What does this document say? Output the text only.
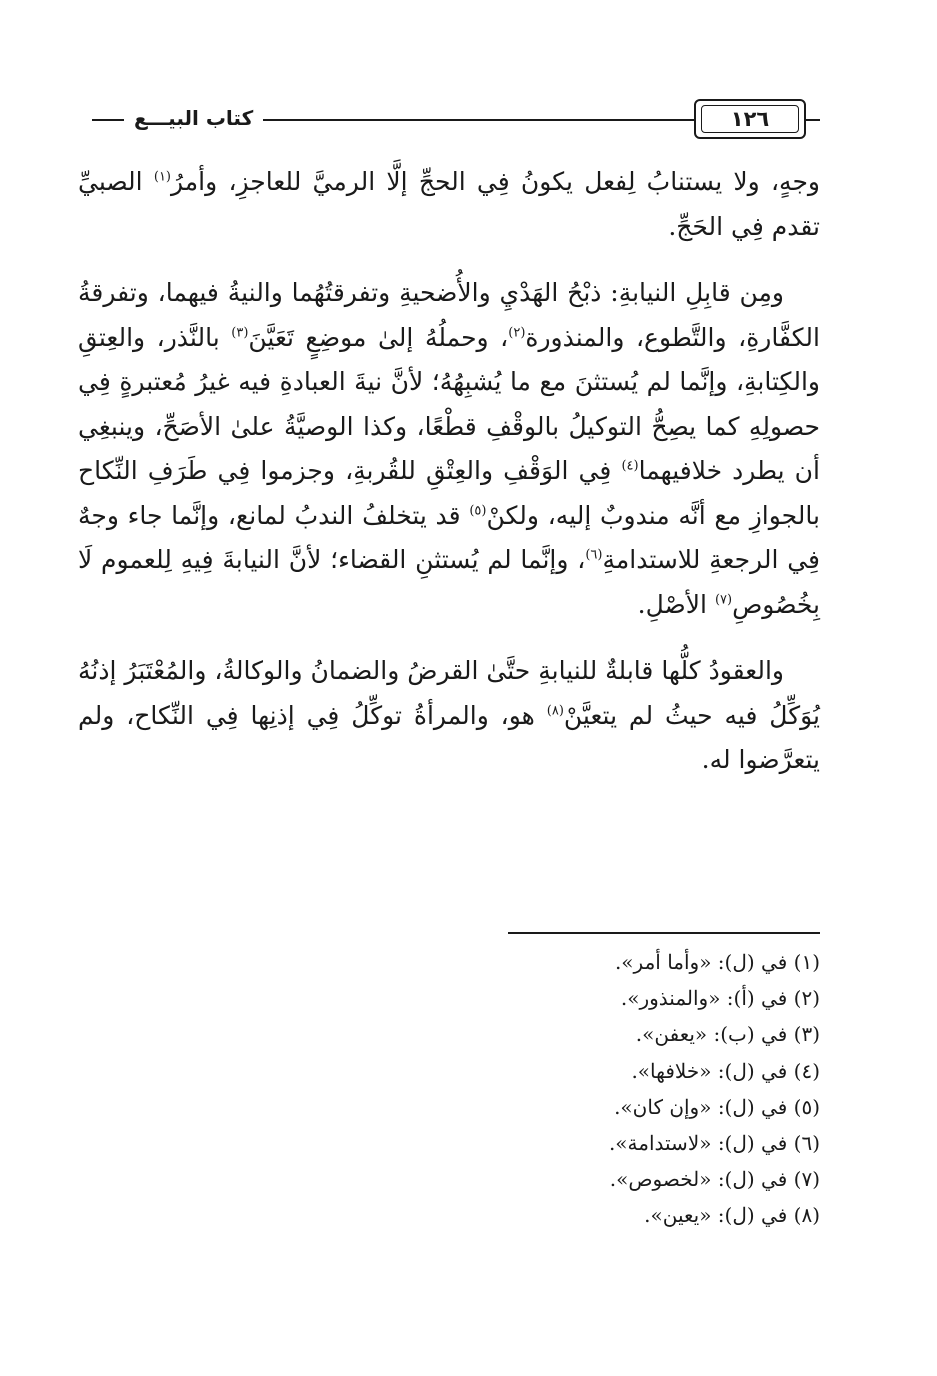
١٢٦
كتاب البيـــع

وجهٍ، ولا يستنابُ لِفعل يكونُ فِي الحجِّ إلَّا الرميَّ للعاجزِ، وأمرُ$^{(١)}$ الصبيِّ تقدم فِي الحَجِّ.

ومِن قابِلِ النيابةِ: ذبْحُ الهَدْيِ والأُضحيةِ وتفرقتُهُما والنيةُ فيهما، وتفرقةُ الكفَّارةِ، والتَّطوع، والمنذورة$^{(٢)}$، وحملُهُ إلىٰ موضِعٍ تَعَيَّنَ$^{(٣)}$ بالنَّذر، والعِتقِ والكِتابةِ، وإنَّما لم يُستثنَ مع ما يُشبِهُهُ؛ لأنَّ نيةَ العبادةِ فيه غيرُ مُعتبرةٍ فِي حصولِهِ كما يصِحُّ التوكيلُ بالوقْفِ قطْعًا، وكذا الوصيَّةُ علىٰ الأصَحِّ، وينبغِي أن يطرد خلافيهما$^{(٤)}$ فِي الوَقْفِ والعِتْقِ للقُربةِ، وجزموا فِي طَرَفِ النِّكاح بالجوازِ مع أنَّه مندوبٌ إليه، ولكنْ$^{(٥)}$ قد يتخلفُ الندبُ لمانع، وإنَّما جاء وجهٌ فِي الرجعةِ للاستدامةِ$^{(٦)}$، وإنَّما لم يُستثنِ القضاء؛ لأنَّ النيابةَ فِيهِ لِلعموم لَا بِخُصُوصِ$^{(٧)}$ الأصْلِ.

والعقودُ كلُّها قابلةٌ للنيابةِ حتَّىٰ القرضُ والضمانُ والوكالةُ، والمُعْتَبَرُ إذنُهُ يُوَكِّلُ فيه حيثُ لم يتعيَّنْ$^{(٨)}$ هو، والمرأةُ توكِّلُ فِي إذنِها فِي النِّكاح، ولم يتعرَّضوا له.

(١) في (ل): «وأما أمر».
(٢) في (أ): «والمنذور».
(٣) في (ب): «يعفن».
(٤) في (ل): «خلافها».
(٥) في (ل): «وإن كان».
(٦) في (ل): «لاستدامة».
(٧) في (ل): «لخصوص».
(٨) في (ل): «يعين».
